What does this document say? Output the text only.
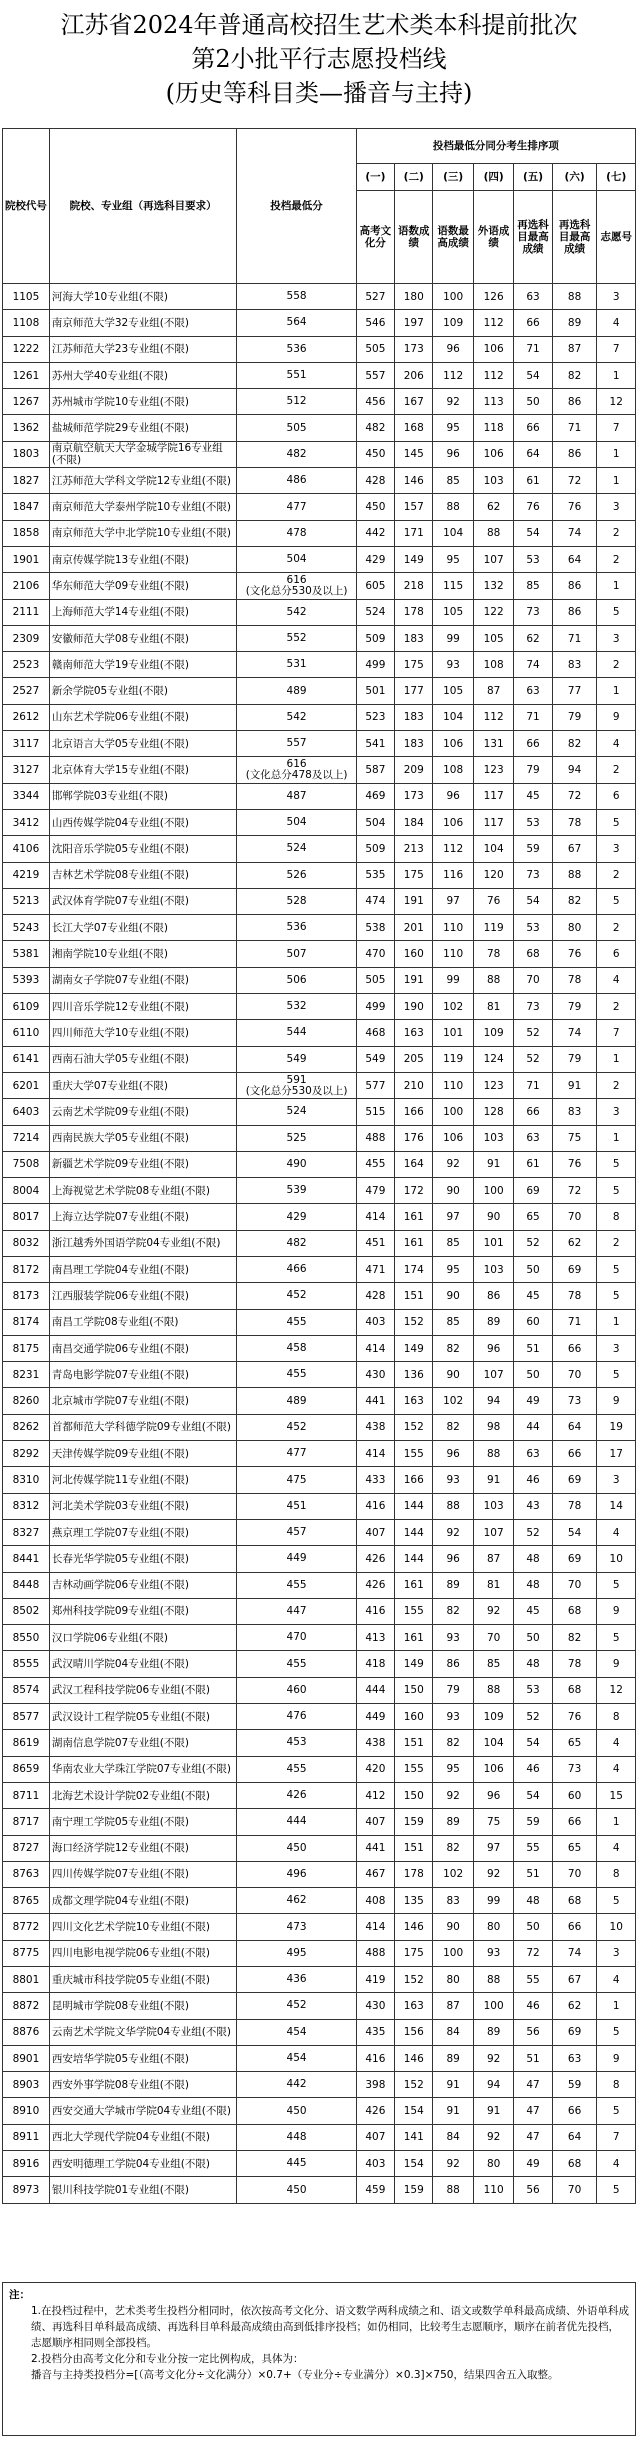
江苏省2024年普通高校招生艺术类本科提前批次
第2小批平行志愿投档线
(历史等科目类—播音与主持)
院校代号	院校、专业组（再选科目要求）	投档最低分	投档最低分同分考生排序项						
			(一)	(二)	(三)	(四)	(五)	(六)	(七)
			高考文化分	语数成绩	语数最高成绩	外语成绩	再选科目最高成绩	再选科目最高成绩	志愿号
1105	河海大学10专业组(不限)	558	527	180	100	126	63	88	3
1108	南京师范大学32专业组(不限)	564	546	197	109	112	66	89	4
1222	江苏师范大学23专业组(不限)	536	505	173	96	106	71	87	7
1261	苏州大学40专业组(不限)	551	557	206	112	112	54	82	1
1267	苏州城市学院10专业组(不限)	512	456	167	92	113	50	86	12
1362	盐城师范学院29专业组(不限)	505	482	168	95	118	66	71	7
1803	南京航空航天大学金城学院16专业组(不限)	482	450	145	96	106	64	86	1
1827	江苏师范大学科文学院12专业组(不限)	486	428	146	85	103	61	72	1
1847	南京师范大学泰州学院10专业组(不限)	477	450	157	88	62	76	76	3
1858	南京师范大学中北学院10专业组(不限)	478	442	171	104	88	54	74	2
1901	南京传媒学院13专业组(不限)	504	429	149	95	107	53	64	2
2106	华东师范大学09专业组(不限)	616
(文化总分530及以上)	605	218	115	132	85	86	1
2111	上海师范大学14专业组(不限)	542	524	178	105	122	73	86	5
2309	安徽师范大学08专业组(不限)	552	509	183	99	105	62	71	3
2523	赣南师范大学19专业组(不限)	531	499	175	93	108	74	83	2
2527	新余学院05专业组(不限)	489	501	177	105	87	63	77	1
2612	山东艺术学院06专业组(不限)	542	523	183	104	112	71	79	9
3117	北京语言大学05专业组(不限)	557	541	183	106	131	66	82	4
3127	北京体育大学15专业组(不限)	616
(文化总分478及以上)	587	209	108	123	79	94	2
3344	邯郸学院03专业组(不限)	487	469	173	96	117	45	72	6
3412	山西传媒学院04专业组(不限)	504	504	184	106	117	53	78	5
4106	沈阳音乐学院05专业组(不限)	524	509	213	112	104	59	67	3
4219	吉林艺术学院08专业组(不限)	526	535	175	116	120	73	88	2
5213	武汉体育学院07专业组(不限)	528	474	191	97	76	54	82	5
5243	长江大学07专业组(不限)	536	538	201	110	119	53	80	2
5381	湘南学院10专业组(不限)	507	470	160	110	78	68	76	6
5393	湖南女子学院07专业组(不限)	506	505	191	99	88	70	78	4
6109	四川音乐学院12专业组(不限)	532	499	190	102	81	73	79	2
6110	四川师范大学10专业组(不限)	544	468	163	101	109	52	74	7
6141	西南石油大学05专业组(不限)	549	549	205	119	124	52	79	1
6201	重庆大学07专业组(不限)	591
(文化总分530及以上)	577	210	110	123	71	91	2
6403	云南艺术学院09专业组(不限)	524	515	166	100	128	66	83	3
7214	西南民族大学05专业组(不限)	525	488	176	106	103	63	75	1
7508	新疆艺术学院09专业组(不限)	490	455	164	92	91	61	76	5
8004	上海视觉艺术学院08专业组(不限)	539	479	172	90	100	69	72	5
8017	上海立达学院07专业组(不限)	429	414	161	97	90	65	70	8
8032	浙江越秀外国语学院04专业组(不限)	482	451	161	85	101	52	62	2
8172	南昌理工学院04专业组(不限)	466	471	174	95	103	50	69	5
8173	江西服装学院06专业组(不限)	452	428	151	90	86	45	78	5
8174	南昌工学院08专业组(不限)	455	403	152	85	89	60	71	1
8175	南昌交通学院06专业组(不限)	458	414	149	82	96	51	66	3
8231	青岛电影学院07专业组(不限)	455	430	136	90	107	50	70	5
8260	北京城市学院07专业组(不限)	489	441	163	102	94	49	73	9
8262	首都师范大学科德学院09专业组(不限)	452	438	152	82	98	44	64	19
8292	天津传媒学院09专业组(不限)	477	414	155	96	88	63	66	17
8310	河北传媒学院11专业组(不限)	475	433	166	93	91	46	69	3
8312	河北美术学院03专业组(不限)	451	416	144	88	103	43	78	14
8327	燕京理工学院07专业组(不限)	457	407	144	92	107	52	54	4
8441	长春光华学院05专业组(不限)	449	426	144	96	87	48	69	10
8448	吉林动画学院06专业组(不限)	455	426	161	89	81	48	70	5
8502	郑州科技学院09专业组(不限)	447	416	155	82	92	45	68	9
8550	汉口学院06专业组(不限)	470	413	161	93	70	50	82	5
8555	武汉晴川学院04专业组(不限)	455	418	149	86	85	48	78	9
8574	武汉工程科技学院06专业组(不限)	460	444	150	79	88	53	68	12
8577	武汉设计工程学院05专业组(不限)	476	449	160	93	109	52	76	8
8619	湖南信息学院07专业组(不限)	453	438	151	82	104	54	65	4
8659	华南农业大学珠江学院07专业组(不限)	455	420	155	95	106	46	73	4
8711	北海艺术设计学院02专业组(不限)	426	412	150	92	96	54	60	15
8717	南宁理工学院05专业组(不限)	444	407	159	89	75	59	66	1
8727	海口经济学院12专业组(不限)	450	441	151	82	97	55	65	4
8763	四川传媒学院07专业组(不限)	496	467	178	102	92	51	70	8
8765	成都文理学院04专业组(不限)	462	408	135	83	99	48	68	5
8772	四川文化艺术学院10专业组(不限)	473	414	146	90	80	50	66	10
8775	四川电影电视学院06专业组(不限)	495	488	175	100	93	72	74	3
8801	重庆城市科技学院05专业组(不限)	436	419	152	80	88	55	67	4
8872	昆明城市学院08专业组(不限)	452	430	163	87	100	46	62	1
8876	云南艺术学院文华学院04专业组(不限)	454	435	156	84	89	56	69	5
8901	西安培华学院05专业组(不限)	454	416	146	89	92	51	63	9
8903	西安外事学院08专业组(不限)	442	398	152	91	94	47	59	8
8910	西安交通大学城市学院04专业组(不限)	450	426	154	91	91	47	66	5
8911	西北大学现代学院04专业组(不限)	448	407	141	84	92	47	64	7
8916	西安明德理工学院04专业组(不限)	445	403	154	92	80	49	68	4
8973	银川科技学院01专业组(不限)	450	459	159	88	110	56	70	5

注：

1.在投档过程中，艺术类考生投档分相同时，依次按高考文化分、语文数学两科成绩之和、语文或数学单科最高成绩、外语单科成绩、再选科目单科最高成绩、再选科目单科最高成绩由高到低排序投档；如仍相同，比较考生志愿顺序，顺序在前者优先投档，志愿顺序相同则全部投档。

2.投档分由高考文化分和专业分按一定比例构成，具体为：

播音与主持类投档分=[（高考文化分÷文化满分）×0.7+（专业分÷专业满分）×0.3]×750，结果四舍五入取整。
